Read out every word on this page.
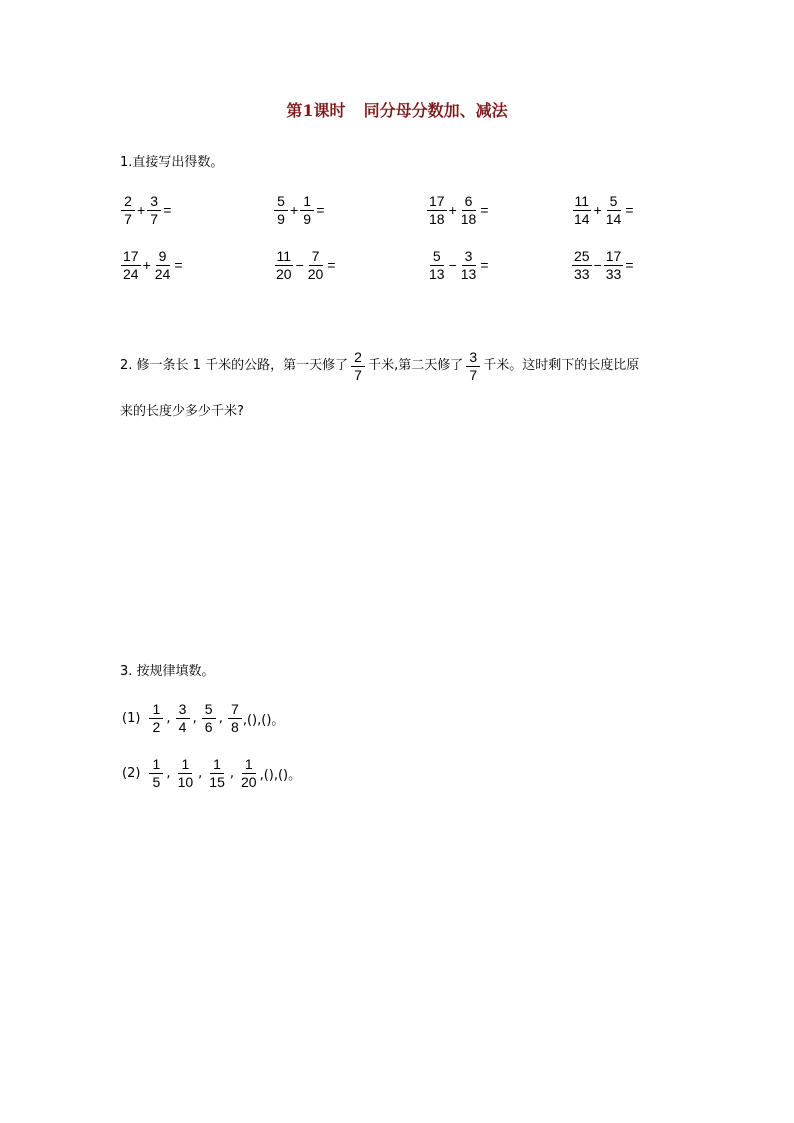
第1课时 同分母分数加、减法
1.直接写出得数。
$\frac{2}{7} + \frac{3}{7}$ =	$\frac{5}{9} + \frac{1}{9}$ =	$\frac{17}{18} + \frac{6}{18}$ =	$\frac{11}{14} + \frac{5}{14}$ =
$\frac{17}{24} + \frac{9}{24}$ =	$\frac{11}{20} - \frac{7}{20}$ =	$\frac{5}{13} - \frac{3}{13}$ =	$\frac{25}{33} - \frac{17}{33}$ =
2. 修一条长 1 千米的公路，第一天修了 $\frac{2}{7}$ 千米,第二天修了 $\frac{3}{7}$ 千米。这时剩下的长度比原
来的长度少多少千米?
3. 按规律填数。
$(1) \frac{1}{2}$ , $\frac{3}{4}$ , $\frac{5}{6}$ , $\frac{7}{8}$ ,(),()。
$(2) \frac{1}{5}$ , $\frac{1}{10}$ , $\frac{1}{15}$ , $\frac{1}{20}$ ,(),()。
